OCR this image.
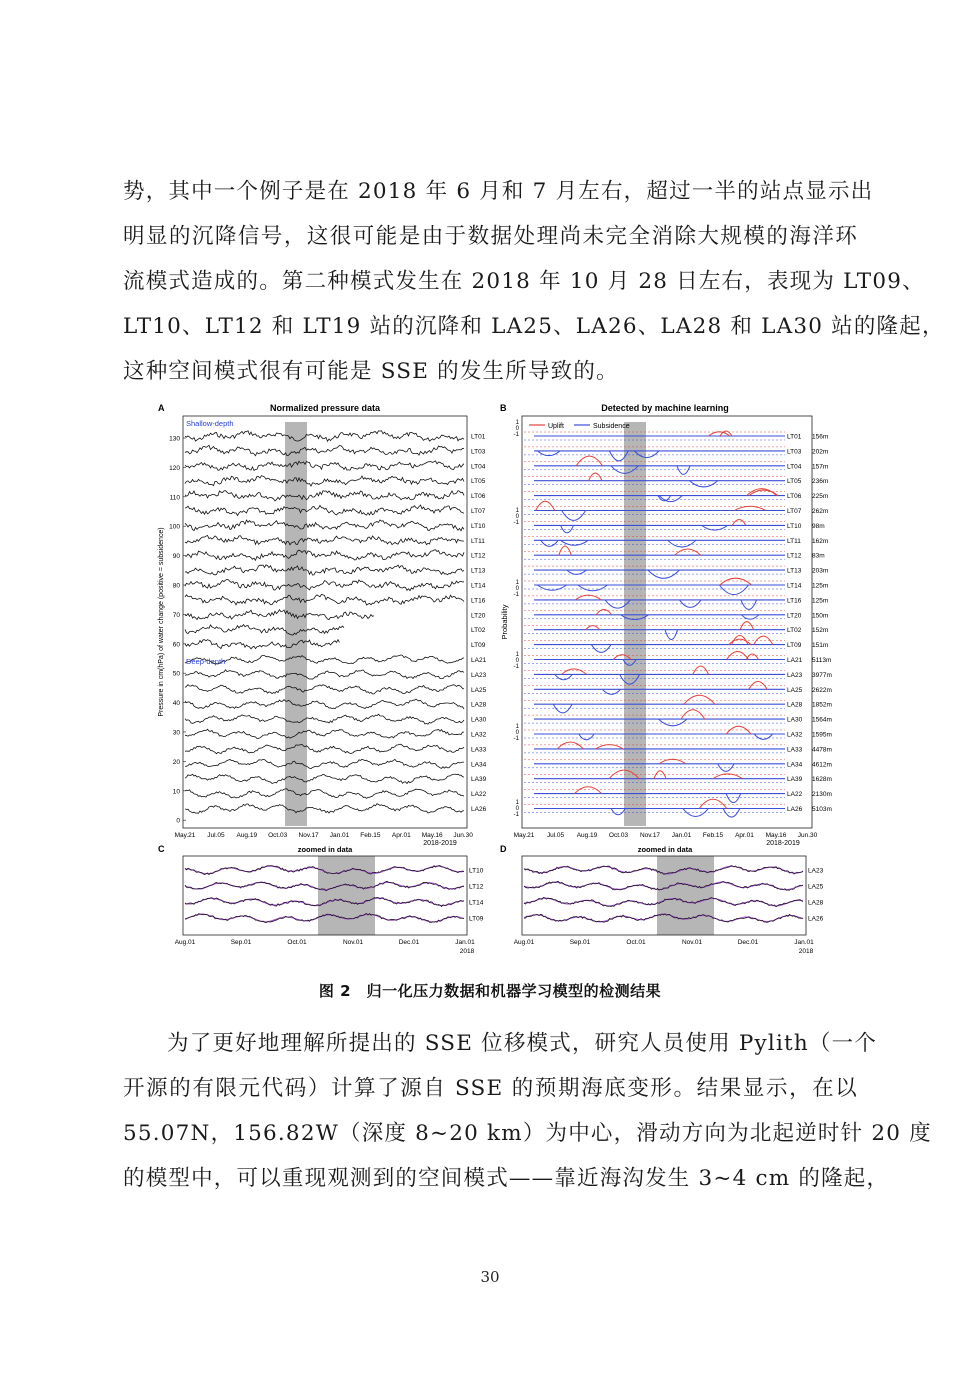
势，其中一个例子是在 2018 年 6 月和 7 月左右，超过一半的站点显示出
明显的沉降信号，这很可能是由于数据处理尚未完全消除大规模的海洋环
流模式造成的。第二种模式发生在 2018 年 10 月 28 日左右，表现为 LT09、
LT10、LT12 和 LT19 站的沉降和 LA25、LA26、LA28 和 LA30 站的隆起，
这种空间模式很有可能是 SSE 的发生所导致的。
A	Normalized pressure data
Shallow-depth
Deep-depth
Pressure in cm(hPa) of water change (positive = subsidence)
130
120
110
100
90
80
70
60
50
40
30
20
10
0
LT01
LT03
LT04
LT05
LT06
LT07
LT10
LT11
LT12
LT13
LT14
LT16
LT20
LT02
LT09
LA21
LA23
LA25
LA28
LA30
LA32
LA33
LA34
LA39
LA22
LA26
May.21 Jul.05 Aug.19 Oct.03 Nov.17 Jan.01 Feb.15 Apr.01 May.16 Jun.30
2018-2019
B	Detected by machine learning
Uplift	Subsidence
Probability
1
0
-1
1
0
-1
1
0
-1
1
0
-1
1
0
-1
1
0
-1
LT01 156m
LT03 202m
LT04 157m
LT05 236m
LT06 225m
LT07 262m
LT10 98m
LT11 162m
LT12 83m
LT13 203m
LT14 125m
LT16 125m
LT20 150m
LT02 152m
LT09 151m
LA21 5113m
LA23 3977m
LA25 2622m
LA28 1852m
LA30 1564m
LA32 1595m
LA33 4478m
LA34 4612m
LA39 1628m
LA22 2130m
LA26 5103m
May.21 Jul.05 Aug.19 Oct.03 Nov.17 Jan.01 Feb.15 Apr.01 May.16 Jun.30
2018-2019
C	zoomed in data
LT10
LT12
LT14
LT09
Aug.01	Sep.01	Oct.01	Nov.01	Dec.01	Jan.01
2018
D	zoomed in data
LA23
LA25
LA28
LA26
Aug.01	Sep.01	Oct.01	Nov.01	Dec.01	Jan.01
2018
图 2　归一化压力数据和机器学习模型的检测结果
为了更好地理解所提出的 SSE 位移模式，研究人员使用 Pylith（一个
开源的有限元代码）计算了源自 SSE 的预期海底变形。结果显示，在以
55.07N，156.82W（深度 8~20 km）为中心，滑动方向为北起逆时针 20 度
的模型中，可以重现观测到的空间模式——靠近海沟发生 3~4 cm 的隆起，
30
